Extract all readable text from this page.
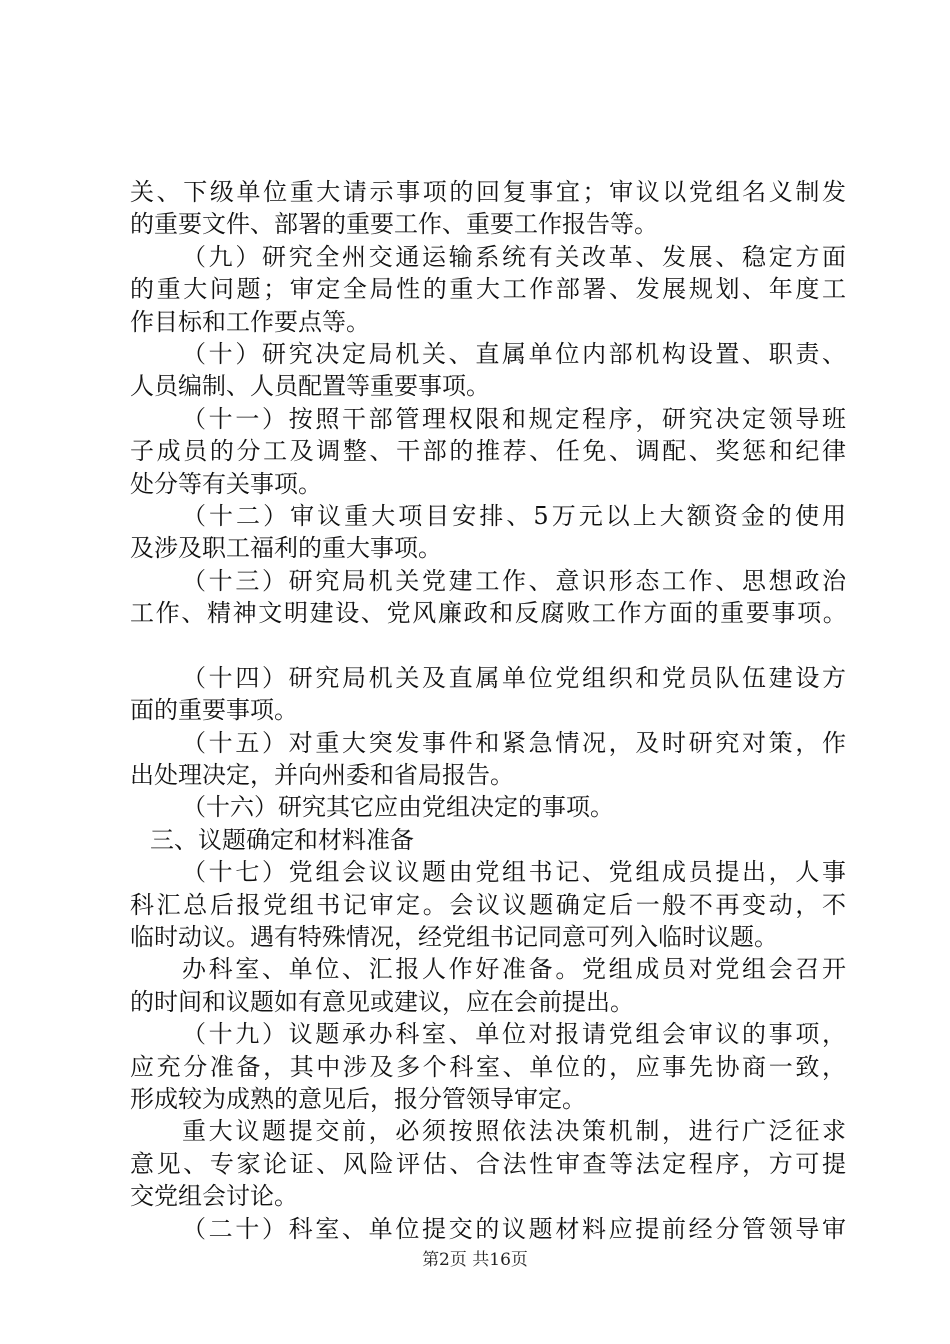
关、下级单位重大请示事项的回复事宜；审议以党组名义制发
的重要文件、部署的重要工作、重要工作报告等。
（九）研究全州交通运输系统有关改革、发展、稳定方面
的重大问题；审定全局性的重大工作部署、发展规划、年度工
作目标和工作要点等。
（十）研究决定局机关、直属单位内部机构设置、职责、
人员编制、人员配置等重要事项。
（十一）按照干部管理权限和规定程序，研究决定领导班
子成员的分工及调整、干部的推荐、任免、调配、奖惩和纪律
处分等有关事项。
（十二）审议重大项目安排、5万元以上大额资金的使用
及涉及职工福利的重大事项。
（十三）研究局机关党建工作、意识形态工作、思想政治
工作、精神文明建设、党风廉政和反腐败工作方面的重要事项。
（十四）研究局机关及直属单位党组织和党员队伍建设方
面的重要事项。
（十五）对重大突发事件和紧急情况，及时研究对策，作
出处理决定，并向州委和省局报告。
（十六）研究其它应由党组决定的事项。
三、议题确定和材料准备
（十七）党组会议议题由党组书记、党组成员提出，人事
科汇总后报党组书记审定。会议议题确定后一般不再变动，不
临时动议。遇有特殊情况，经党组书记同意可列入临时议题。
办科室、单位、汇报人作好准备。党组成员对党组会召开
的时间和议题如有意见或建议，应在会前提出。
（十九）议题承办科室、单位对报请党组会审议的事项，
应充分准备，其中涉及多个科室、单位的，应事先协商一致，
形成较为成熟的意见后，报分管领导审定。
重大议题提交前，必须按照依法决策机制，进行广泛征求
意见、专家论证、风险评估、合法性审查等法定程序，方可提
交党组会讨论。
（二十）科室、单位提交的议题材料应提前经分管领导审
第2页 共16页
